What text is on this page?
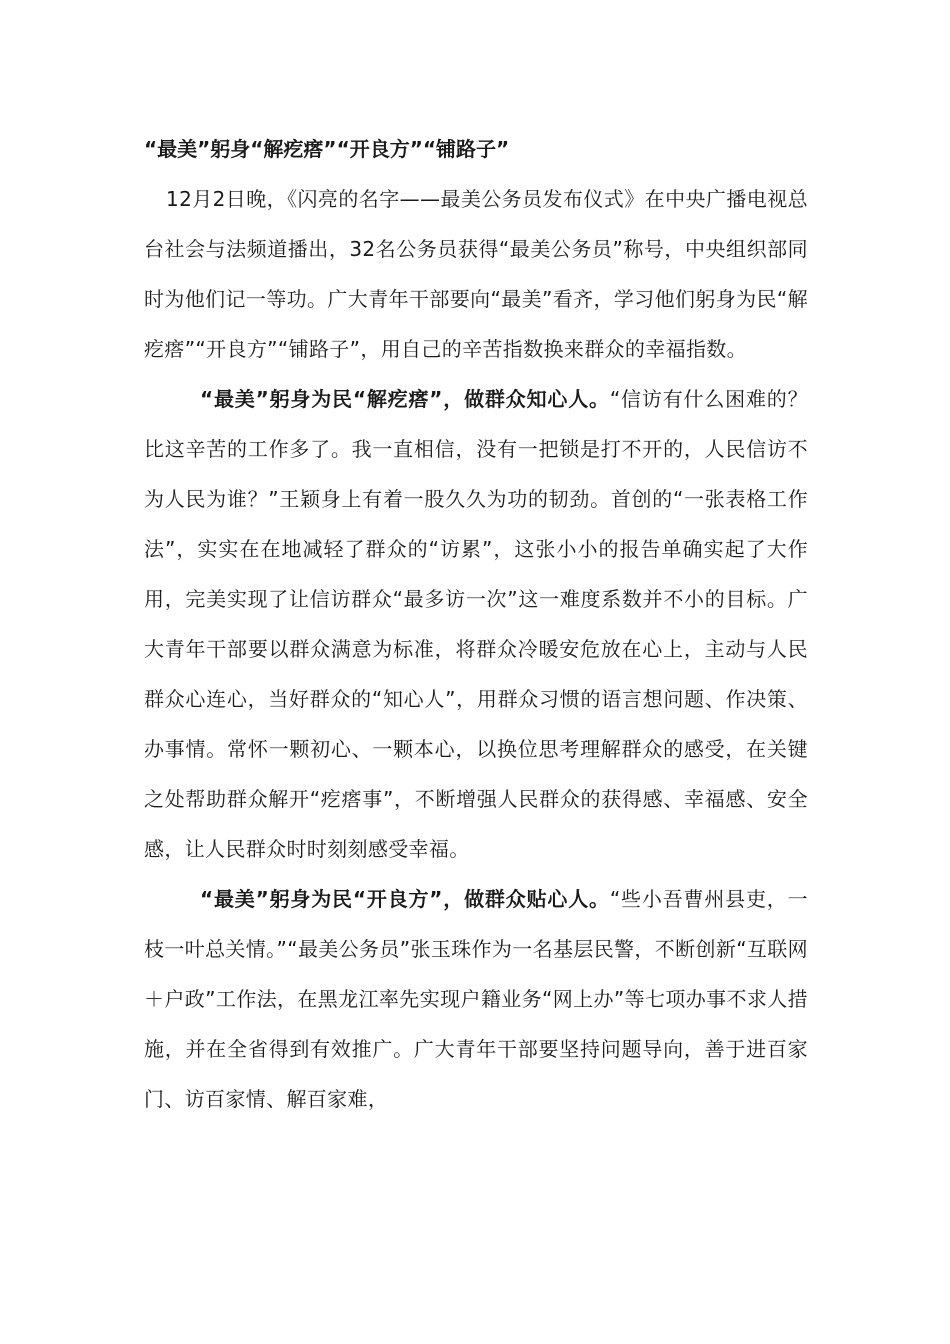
“最美”躬身“解疙瘩”“开良方”“铺路子”

12月2日晚，《闪亮的名字——最美公务员发布仪式》在中央广播电视总台社会与法频道播出，32名公务员获得“最美公务员”称号，中央组织部同时为他们记一等功。广大青年干部要向“最美”看齐，学习他们躬身为民“解疙瘩”“开良方”“铺路子”，用自己的辛苦指数换来群众的幸福指数。

“最美”躬身为民“解疙瘩”，做群众知心人。“信访有什么困难的？比这辛苦的工作多了。我一直相信，没有一把锁是打不开的，人民信访不为人民为谁？”王颖身上有着一股久久为功的韧劲。首创的“一张表格工作法”，实实在在地减轻了群众的“访累”，这张小小的报告单确实起了大作用，完美实现了让信访群众“最多访一次”这一难度系数并不小的目标。广大青年干部要以群众满意为标准，将群众冷暖安危放在心上，主动与人民群众心连心，当好群众的“知心人”，用群众习惯的语言想问题、作决策、办事情。常怀一颗初心、一颗本心，以换位思考理解群众的感受，在关键之处帮助群众解开“疙瘩事”，不断增强人民群众的获得感、幸福感、安全感，让人民群众时时刻刻感受幸福。

“最美”躬身为民“开良方”，做群众贴心人。“些小吾曹州县吏，一枝一叶总关情。”“最美公务员”张玉珠作为一名基层民警，不断创新“互联网＋户政”工作法，在黑龙江率先实现户籍业务“网上办”等七项办事不求人措施，并在全省得到有效推广。广大青年干部要坚持问题导向，善于进百家门、访百家情、解百家难，
